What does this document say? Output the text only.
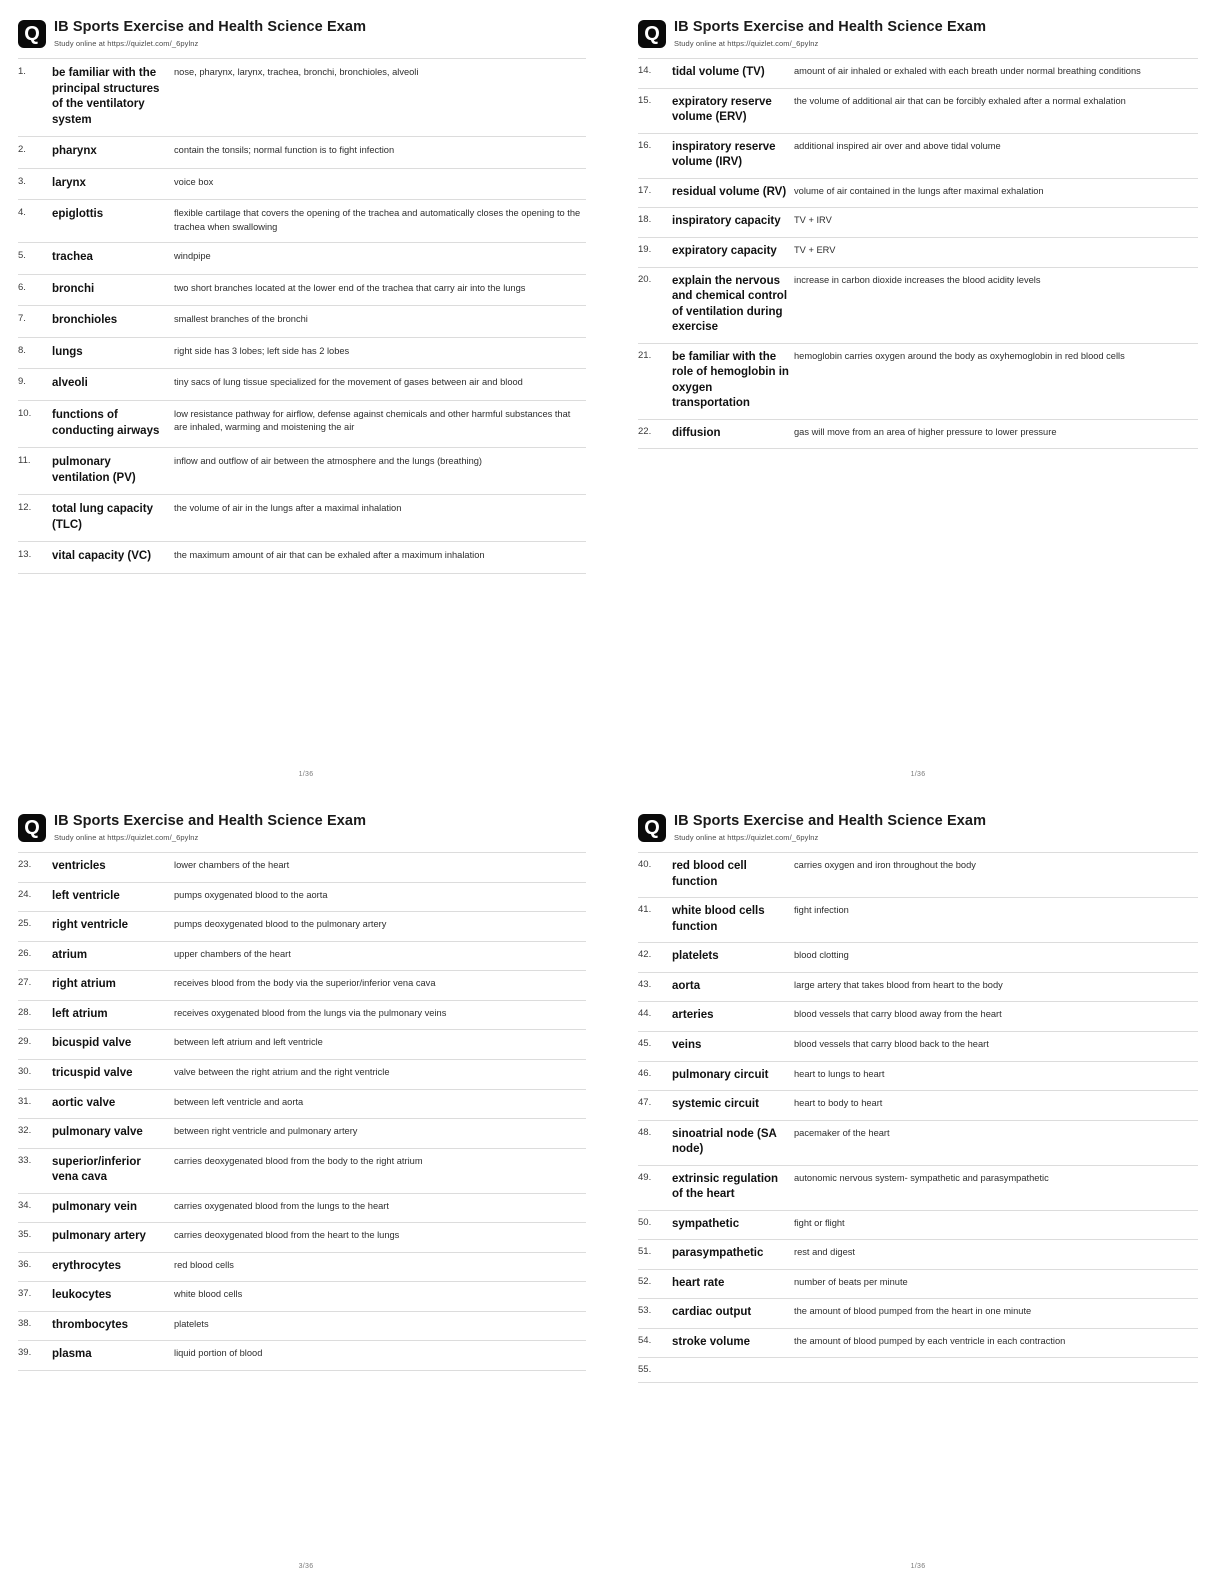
Q IB Sports Exercise and Health Science Exam
Study online at https://quizlet.com/_6pylnz
1.	be familiar with the principal structures of the ventilatory system	nose, pharynx, larynx, trachea, bronchi, bronchioles, alveoli
2.	pharynx	contain the tonsils; normal function is to fight infection
3.	larynx	voice box
4.	epiglottis	flexible cartilage that covers the opening of the trachea and automatically closes the opening to the trachea when swallowing
5.	trachea	windpipe
6.	bronchi	two short branches located at the lower end of the trachea that carry air into the lungs
7.	bronchioles	smallest branches of the bronchi
8.	lungs	right side has 3 lobes; left side has 2 lobes
9.	alveoli	tiny sacs of lung tissue specialized for the movement of gases between air and blood
10.	functions of conducting airways	low resistance pathway for airflow, defense against chemicals and other harmful substances that are inhaled, warming and moistening the air
11.	pulmonary ventilation (PV)	inflow and outflow of air between the atmosphere and the lungs (breathing)
12.	total lung capacity (TLC)	the volume of air in the lungs after a maximal inhalation
13.	vital capacity (VC)	the maximum amount of air that can be exhaled after a maximum inhalation
1/36
Q IB Sports Exercise and Health Science Exam
Study online at https://quizlet.com/_6pylnz
14.	tidal volume (TV)	amount of air inhaled or exhaled with each breath under normal breathing conditions
15.	expiratory reserve volume (ERV)	the volume of additional air that can be forcibly exhaled after a normal exhalation
16.	inspiratory reserve volume (IRV)	additional inspired air over and above tidal volume
17.	residual volume (RV)	volume of air contained in the lungs after maximal exhalation
18.	inspiratory capacity	TV + IRV
19.	expiratory capacity	TV + ERV
20.	explain the nervous and chemical control of ventilation during exercise	increase in carbon dioxide increases the blood acidity levels
21.	be familiar with the role of hemoglobin in oxygen transportation	hemoglobin carries oxygen around the body as oxyhemoglobin in red blood cells
22.	diffusion	gas will move from an area of higher pressure to lower pressure
1/36
Q IB Sports Exercise and Health Science Exam
Study online at https://quizlet.com/_6pylnz
23.	ventricles	lower chambers of the heart
24.	left ventricle	pumps oxygenated blood to the aorta
25.	right ventricle	pumps deoxygenated blood to the pulmonary artery
26.	atrium	upper chambers of the heart
27.	right atrium	receives blood from the body via the superior/inferior vena cava
28.	left atrium	receives oxygenated blood from the lungs via the pulmonary veins
29.	bicuspid valve	between left atrium and left ventricle
30.	tricuspid valve	valve between the right atrium and the right ventricle
31.	aortic valve	between left ventricle and aorta
32.	pulmonary valve	between right ventricle and pulmonary artery
33.	superior/inferior vena cava	carries deoxygenated blood from the body to the right atrium
34.	pulmonary vein	carries oxygenated blood from the lungs to the heart
35.	pulmonary artery	carries deoxygenated blood from the heart to the lungs
36.	erythrocytes	red blood cells
37.	leukocytes	white blood cells
38.	thrombocytes	platelets
39.	plasma	liquid portion of blood
3/36
Q IB Sports Exercise and Health Science Exam
Study online at https://quizlet.com/_6pylnz
40.	red blood cell function	carries oxygen and iron throughout the body
41.	white blood cells function	fight infection
42.	platelets	blood clotting
43.	aorta	large artery that takes blood from heart to the body
44.	arteries	blood vessels that carry blood away from the heart
45.	veins	blood vessels that carry blood back to the heart
46.	pulmonary circuit	heart to lungs to heart
47.	systemic circuit	heart to body to heart
48.	sinoatrial node (SA node)	pacemaker of the heart
49.	extrinsic regulation of the heart	autonomic nervous system- sympathetic and parasympathetic
50.	sympathetic	fight or flight
51.	parasympathetic	rest and digest
52.	heart rate	number of beats per minute
53.	cardiac output	the amount of blood pumped from the heart in one minute
54.	stroke volume	the amount of blood pumped by each ventricle in each contraction
55.		
1/36
